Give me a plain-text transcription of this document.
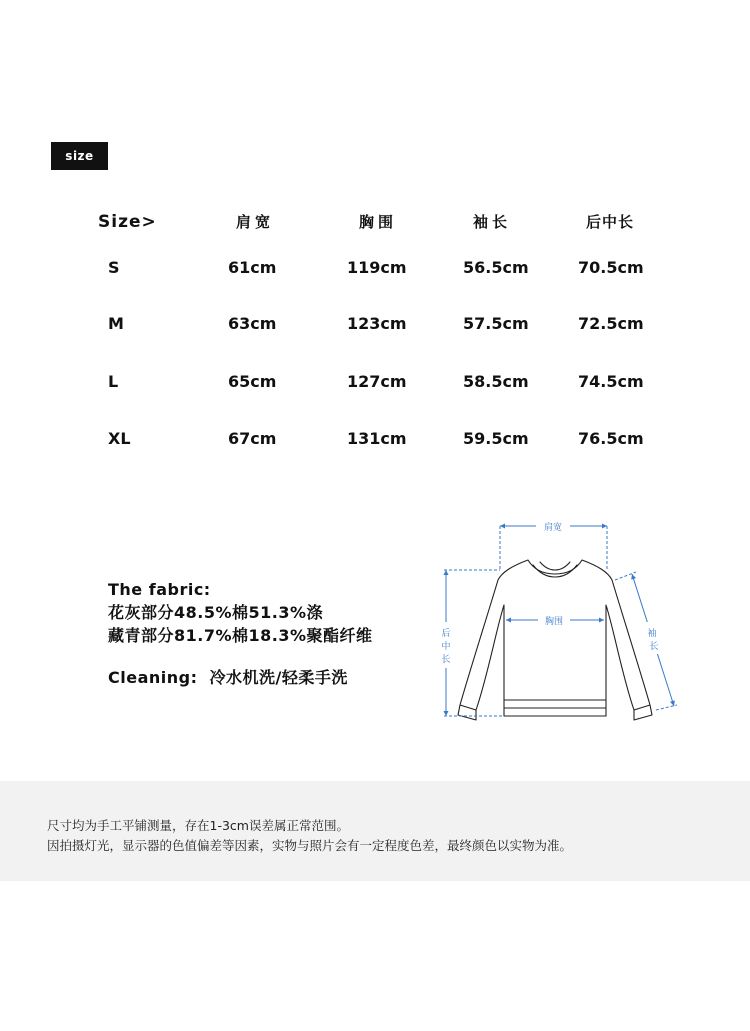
size
Size>	肩宽	胸围	袖长	后中长
S	61cm	119cm	56.5cm	70.5cm
M	63cm	123cm	57.5cm	72.5cm
L	65cm	127cm	58.5cm	74.5cm
XL	67cm	131cm	59.5cm	76.5cm
The fabric:
花灰部分48.5%棉51.3%涤
藏青部分81.7%棉18.3%聚酯纤维
Cleaning: 冷水机洗/轻柔手洗
肩宽
胸围
后
中
长
袖
长
尺寸均为手工平铺测量，存在1-3cm误差属正常范围。
因拍摄灯光，显示器的色值偏差等因素，实物与照片会有一定程度色差，最终颜色以实物为准。
